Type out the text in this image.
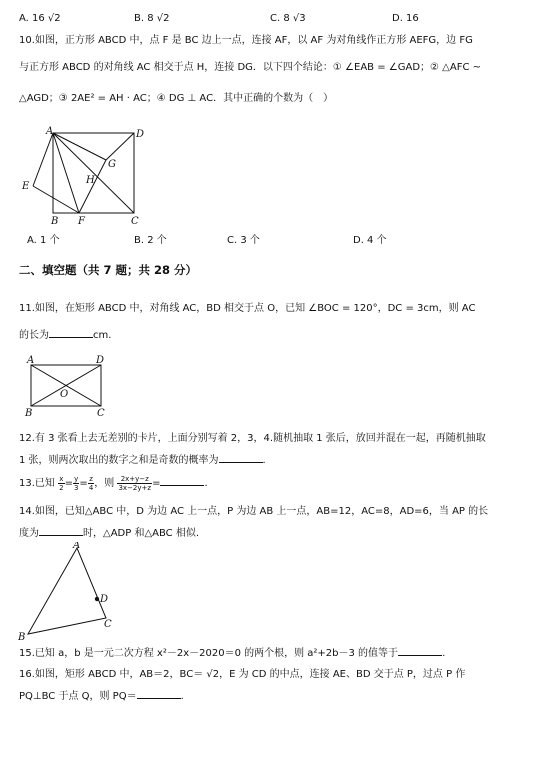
A. 16 √2	B. 8 √2	C. 8 √3	D. 16
10.如图，正方形 ABCD 中，点 F 是 BC 边上一点，连接 AF，以 AF 为对角线作正方形 AEFG，边 FG
与正方形 ABCD 的对角线 AC 相交于点 H，连接 DG．以下四个结论：① ∠EAB = ∠GAD；② △AFC ~
△AGD；③ 2AE² = AH · AC；④ DG ⊥ AC．其中正确的个数为（　）
A	D
G
H
E
B F	C
A. 1 个	B. 2 个	C. 3 个	D. 4 个
二、填空题（共 7 题；共 28 分）
11.如图，在矩形 ABCD 中，对角线 AC，BD 相交于点 O，已知 ∠BOC = 120°，DC = 3cm，则 AC
的长为	cm.
A	D
O
B	C
12.有 3 张看上去无差别的卡片，上面分别写着 2，3，4.随机抽取 1 张后，放回并混在一起，再随机抽取
1 张，则两次取出的数字之和是奇数的概率为	.
13.已知 $\frac{x}{2} = \frac{y}{3} = \frac{z}{4}$ ，则 $\frac{2x+y-z}{3x-2y+z}$ =	.
14.如图，已知△ABC 中，D 为边 AC 上一点，P 为边 AB 上一点，AB=12，AC=8，AD=6，当 AP 的长
度为	时，△ADP 和△ABC 相似.
A
D
B
C
15.已知 a，b 是一元二次方程 x²－2x－2020＝0 的两个根，则 a²+2b－3 的值等于	.
16.如图，矩形 ABCD 中，AB＝2，BC＝ √2，E 为 CD 的中点，连接 AE、BD 交于点 P，过点 P 作
PQ⊥BC 于点 Q，则 PQ＝	.
